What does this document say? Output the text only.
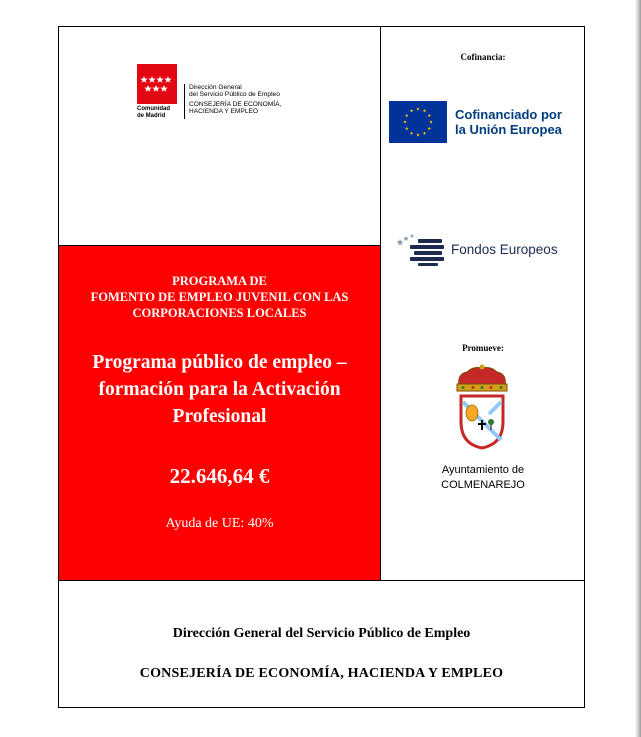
Comunidad
de Madrid
Dirección General
del Servicio Público de Empleo
CONSEJERÍA DE ECONOMÍA,
HACIENDA Y EMPLEO
PROGRAMA DE
FOMENTO DE EMPLEO JUVENIL CON LAS
CORPORACIONES LOCALES
Programa público de empleo –
formación para la Activación
Profesional
22.646,64 €
Ayuda de UE: 40%
Cofinancia:
Cofinanciado por
la Unión Europea
Fondos Europeos
Promueve:
Ayuntamiento de
COLMENAREJO
Dirección General del Servicio Público de Empleo
CONSEJERÍA DE ECONOMÍA, HACIENDA Y EMPLEO
